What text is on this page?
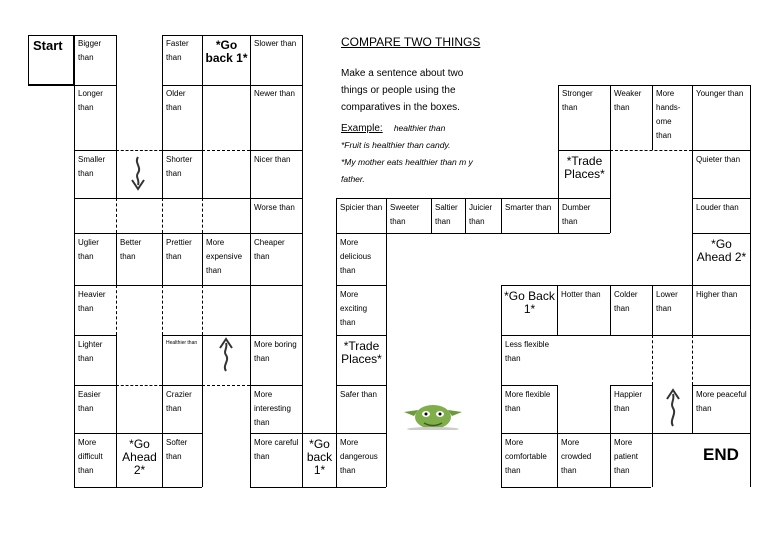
Start	COMPARE TWO THINGS
Make a sentence about two
things or people using the
comparatives in the boxes.
Example: healthier than
*Fruit is healthier than candy.
*My mother eats healthier than m y
father.
Bigger than
Faster than
*Go back 1*
Slower than
Longer than
Older than
Newer than
Smaller than
Shorter than
Nicer than
Worse than
Uglier than
Better than
Prettier than
More expensive than
Cheaper than
Heavier than
Lighter than
Healthier than	More boring than
Easier than
Crazier than
More interesting than
More difficult than
*Go Ahead 2*
Softer than
More careful than
*Go back 1*
More dangerous than
Safer than
*Trade Places*
More exciting than
More delicious than
Spicier than Sweeter than
Saltier than
Juicier than
Smarter than	Dumber than
*Trade Places*
Stronger than
Weaker than
More hands-ome than
Younger than
Quieter than
Louder than
*Go Ahead 2*
Higher than
Lower than
Colder than
Hotter than
*Go Back 1*
Less flexible than
More flexible than
Happier than
More peaceful than
More comfortable than
More crowded than
More patient than
END
